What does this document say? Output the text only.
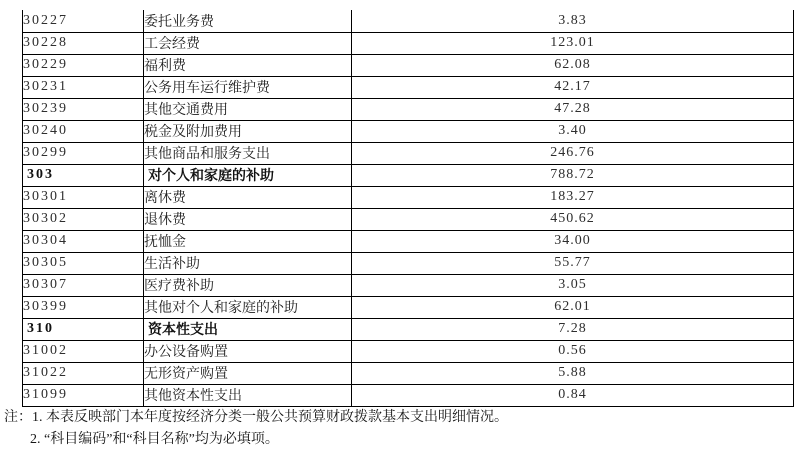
30227	委托业务费	3.83
30228	工会经费	123.01
30229	福利费	62.08
30231	公务用车运行维护费	42.17
30239	其他交通费用	47.28
30240	税金及附加费用	3.40
30299	其他商品和服务支出	246.76
303	对个人和家庭的补助	788.72
30301	离休费	183.27
30302	退休费	450.62
30304	抚恤金	34.00
30305	生活补助	55.77
30307	医疗费补助	3.05
30399	其他对个人和家庭的补助	62.01
310	资本性支出	7.28
31002	办公设备购置	0.56
31022	无形资产购置	5.88
31099	其他资本性支出	0.84
注：1. 本表反映部门本年度按经济分类一般公共预算财政拨款基本支出明细情况。
2. “科目编码”和“科目名称”均为必填项。
